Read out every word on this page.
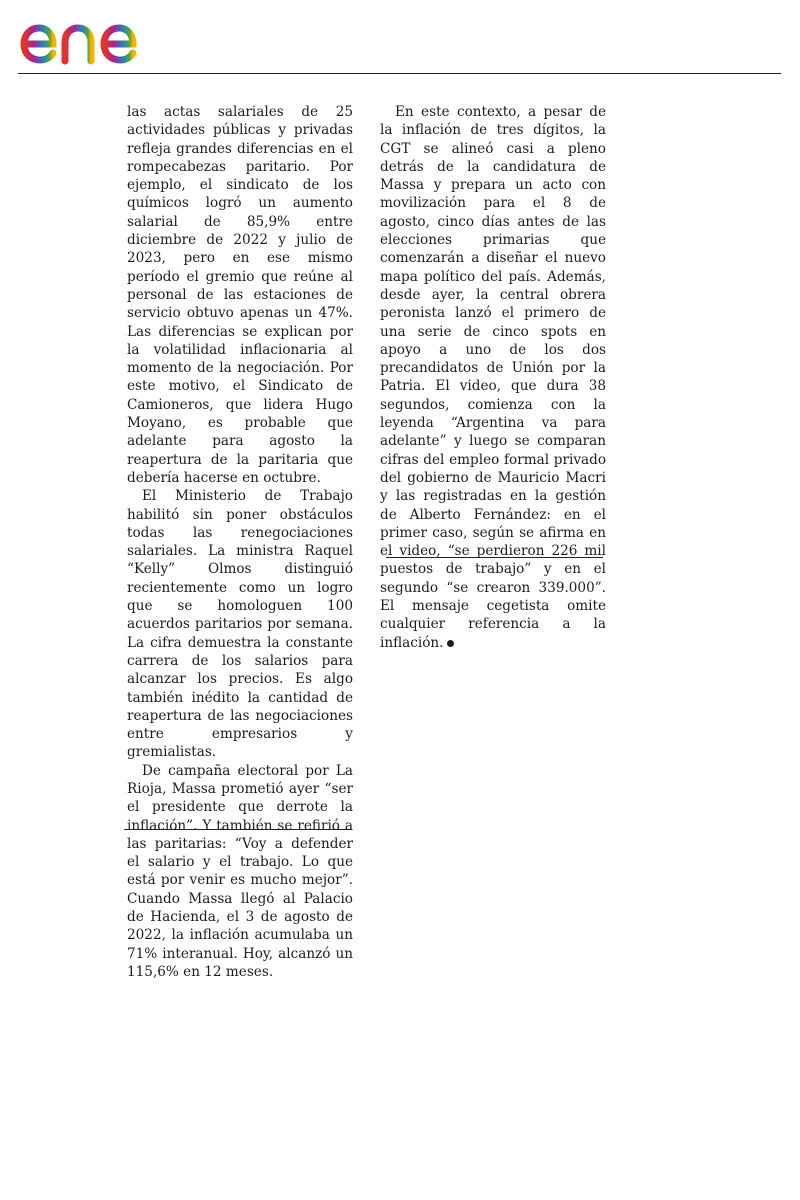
las actas salariales de 25 actividades públicas y privadas refleja grandes diferencias en el rompecabezas paritario. Por ejemplo, el sindicato de los químicos logró un aumento salarial de 85,9% entre diciembre de 2022 y julio de 2023, pero en ese mismo período el gremio que reúne al personal de las estaciones de servicio obtuvo apenas un 47%. Las diferencias se explican por la volatilidad inflacionaria al momento de la negociación. Por este motivo, el Sindicato de Camioneros, que lidera Hugo Moyano, es probable que adelante para agosto la reapertura de la paritaria que debería hacerse en octubre.

El Ministerio de Trabajo habilitó sin poner obstáculos todas las renegociaciones salariales. La ministra Raquel “Kelly” Olmos distinguió recientemente como un logro que se homologuen 100 acuerdos paritarios por semana. La cifra demuestra la constante carrera de los salarios para alcanzar los precios. Es algo también inédito la cantidad de reapertura de las negociaciones entre empresarios y gremialistas.

De campaña electoral por La Rioja, Massa prometió ayer “ser el presidente que derrote la inflación”. Y también se refirió a las paritarias: “Voy a defender el salario y el trabajo. Lo que está por venir es mucho mejor”. Cuando Massa llegó al Palacio de Hacienda, el 3 de agosto de 2022, la inflación acumulaba un 71% interanual. Hoy, alcanzó un 115,6% en 12 meses.

En este contexto, a pesar de la inflación de tres dígitos, la CGT se alineó casi a pleno detrás de la candidatura de Massa y prepara un acto con movilización para el 8 de agosto, cinco días antes de las elecciones primarias que comenzarán a diseñar el nuevo mapa político del país. Además, desde ayer, la central obrera peronista lanzó el primero de una serie de cinco spots en apoyo a uno de los dos precandidatos de Unión por la Patria. El video, que dura 38 segundos, comienza con la leyenda “Argentina va para adelante” y luego se comparan cifras del empleo formal privado del gobierno de Mauricio Macri y las registradas en la gestión de Alberto Fernández: en el primer caso, según se afirma en el video, “se perdieron 226 mil puestos de trabajo” y en el segundo “se crearon 339.000”. El mensaje cegetista omite cualquier referencia a la inflación.
